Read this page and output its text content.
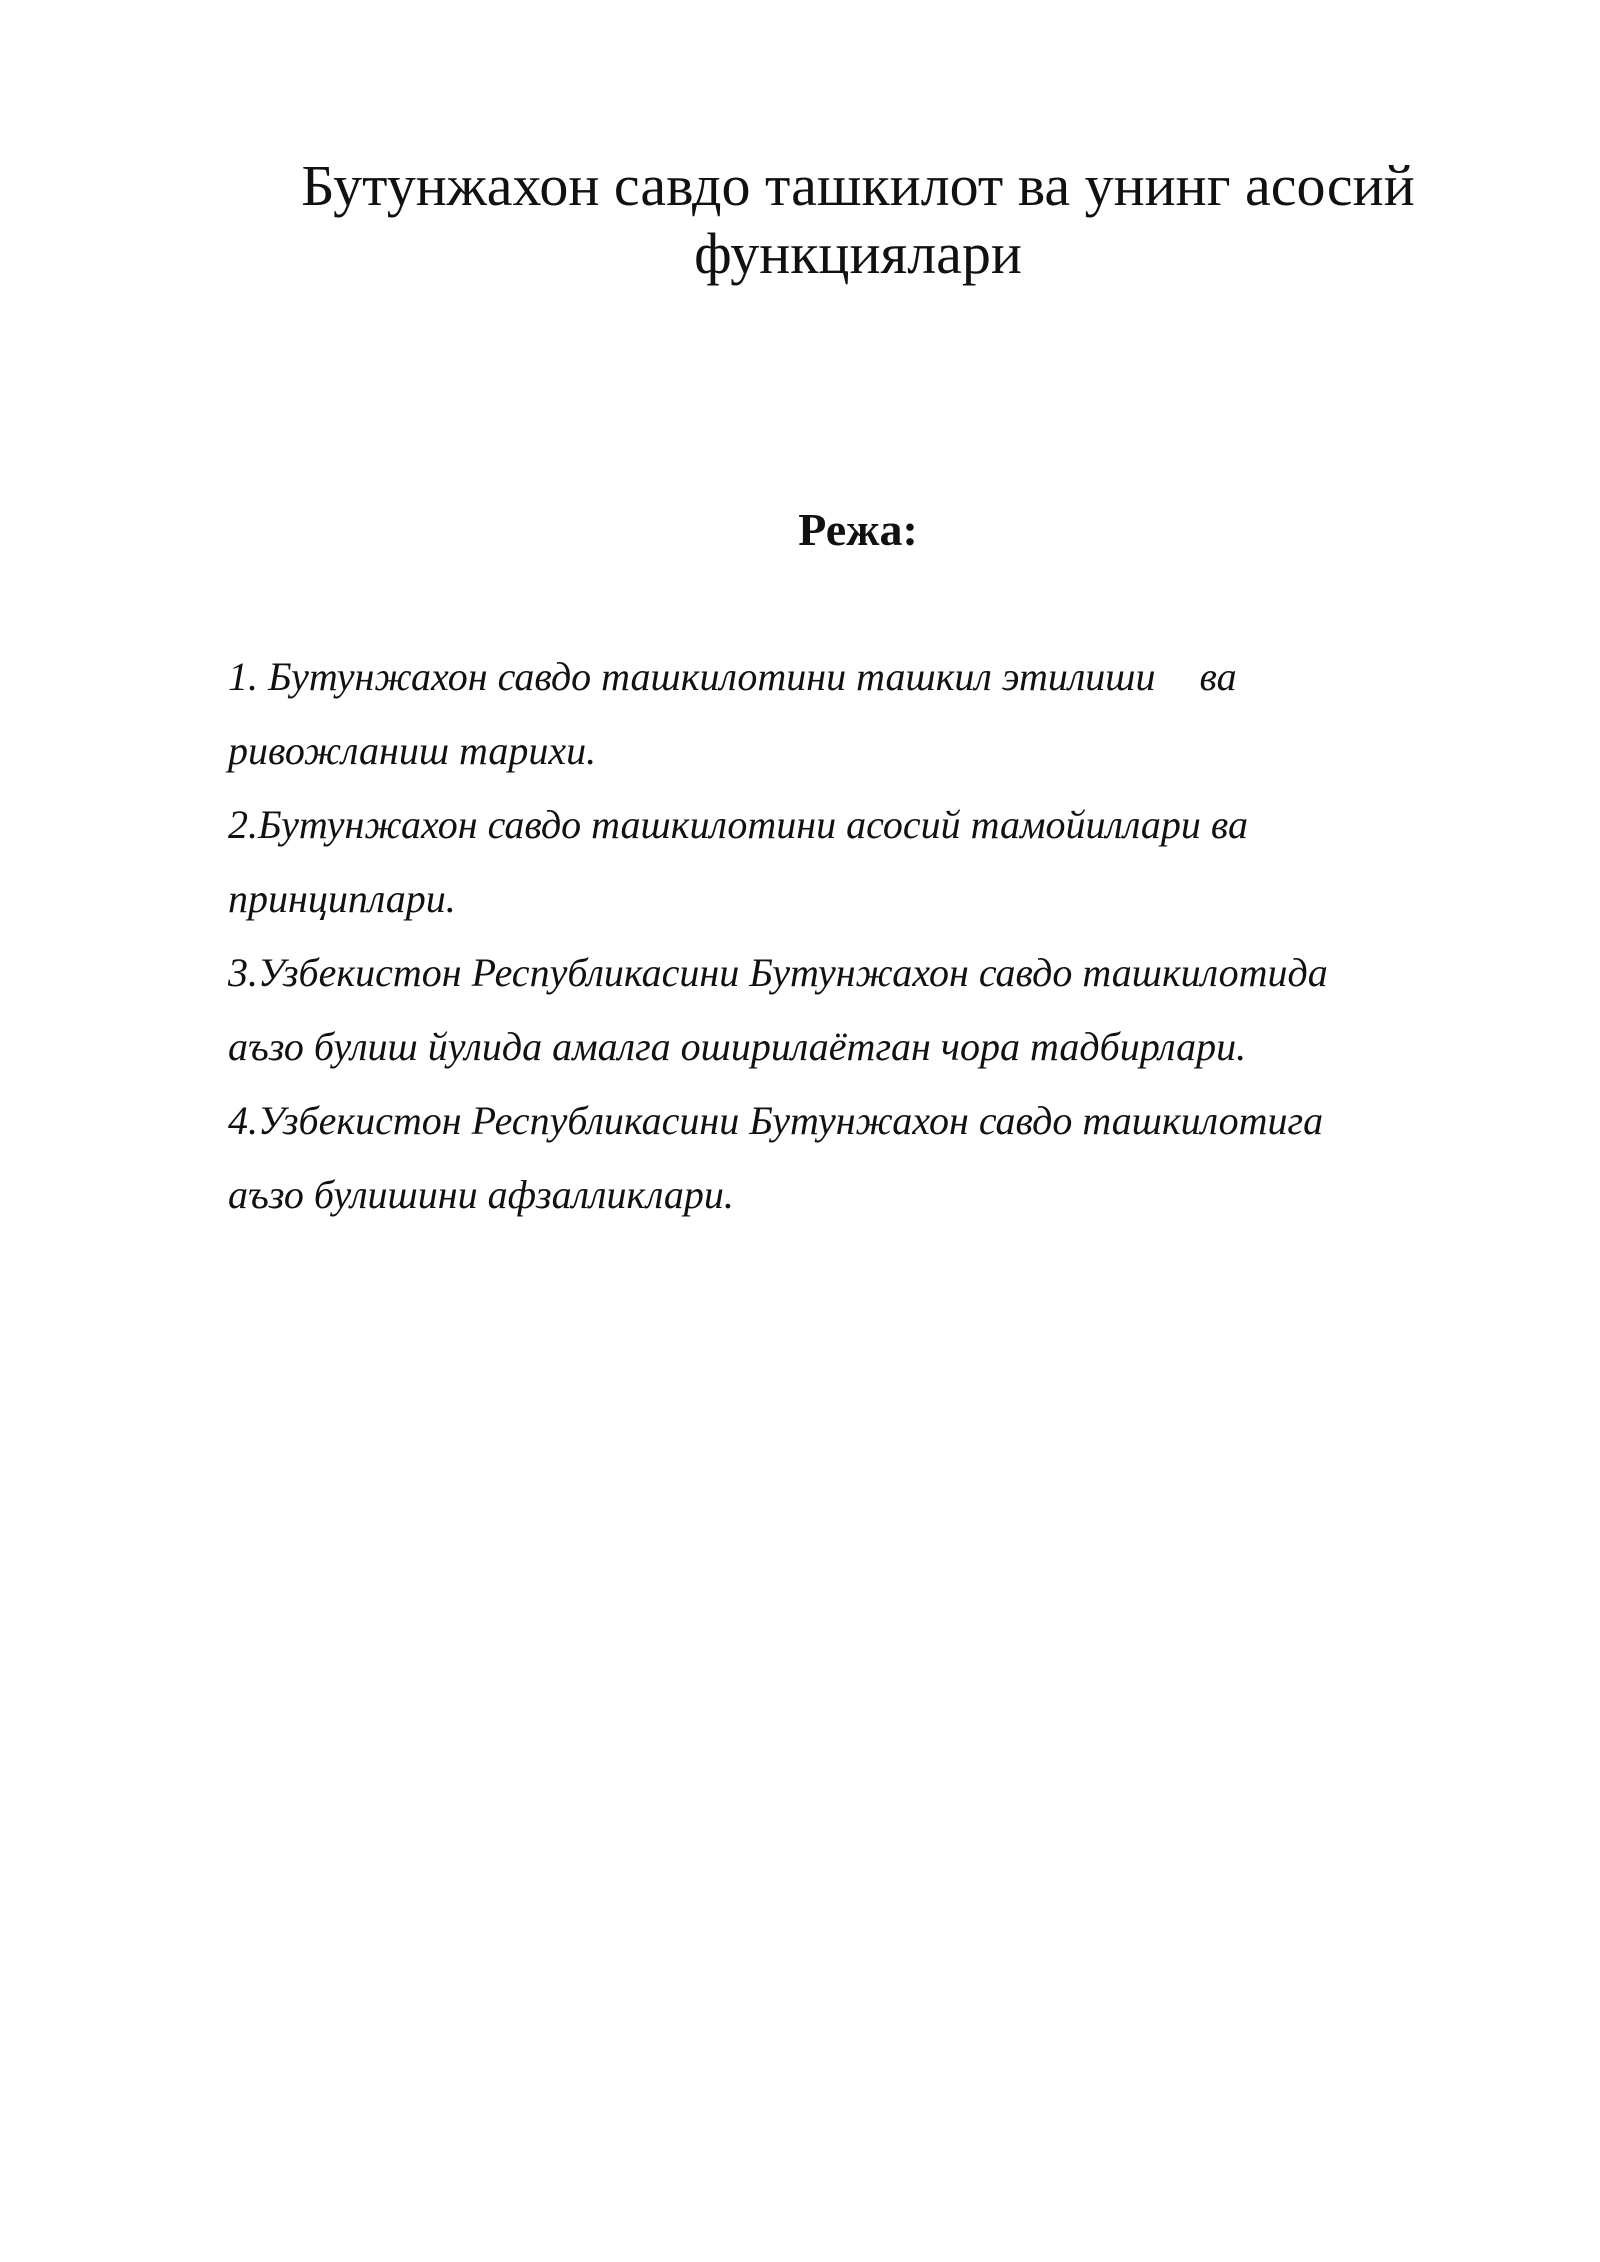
Бутунжахон савдо ташкилот ва унинг асосий функциялари
Режа:
1. Бутунжахон савдо ташкилотини ташкил этилиши ва
ривожланиш тарихи.
2.Бутунжахон савдо ташкилотини асосий тамойиллари ва
принциплари.
3.Узбекистон Республикасини Бутунжахон савдо ташкилотида
аъзо булиш йулида амалга оширилаётган чора тадбирлари.
4.Узбекистон Республикасини Бутунжахон савдо ташкилотига
аъзо булишини афзалликлари.
